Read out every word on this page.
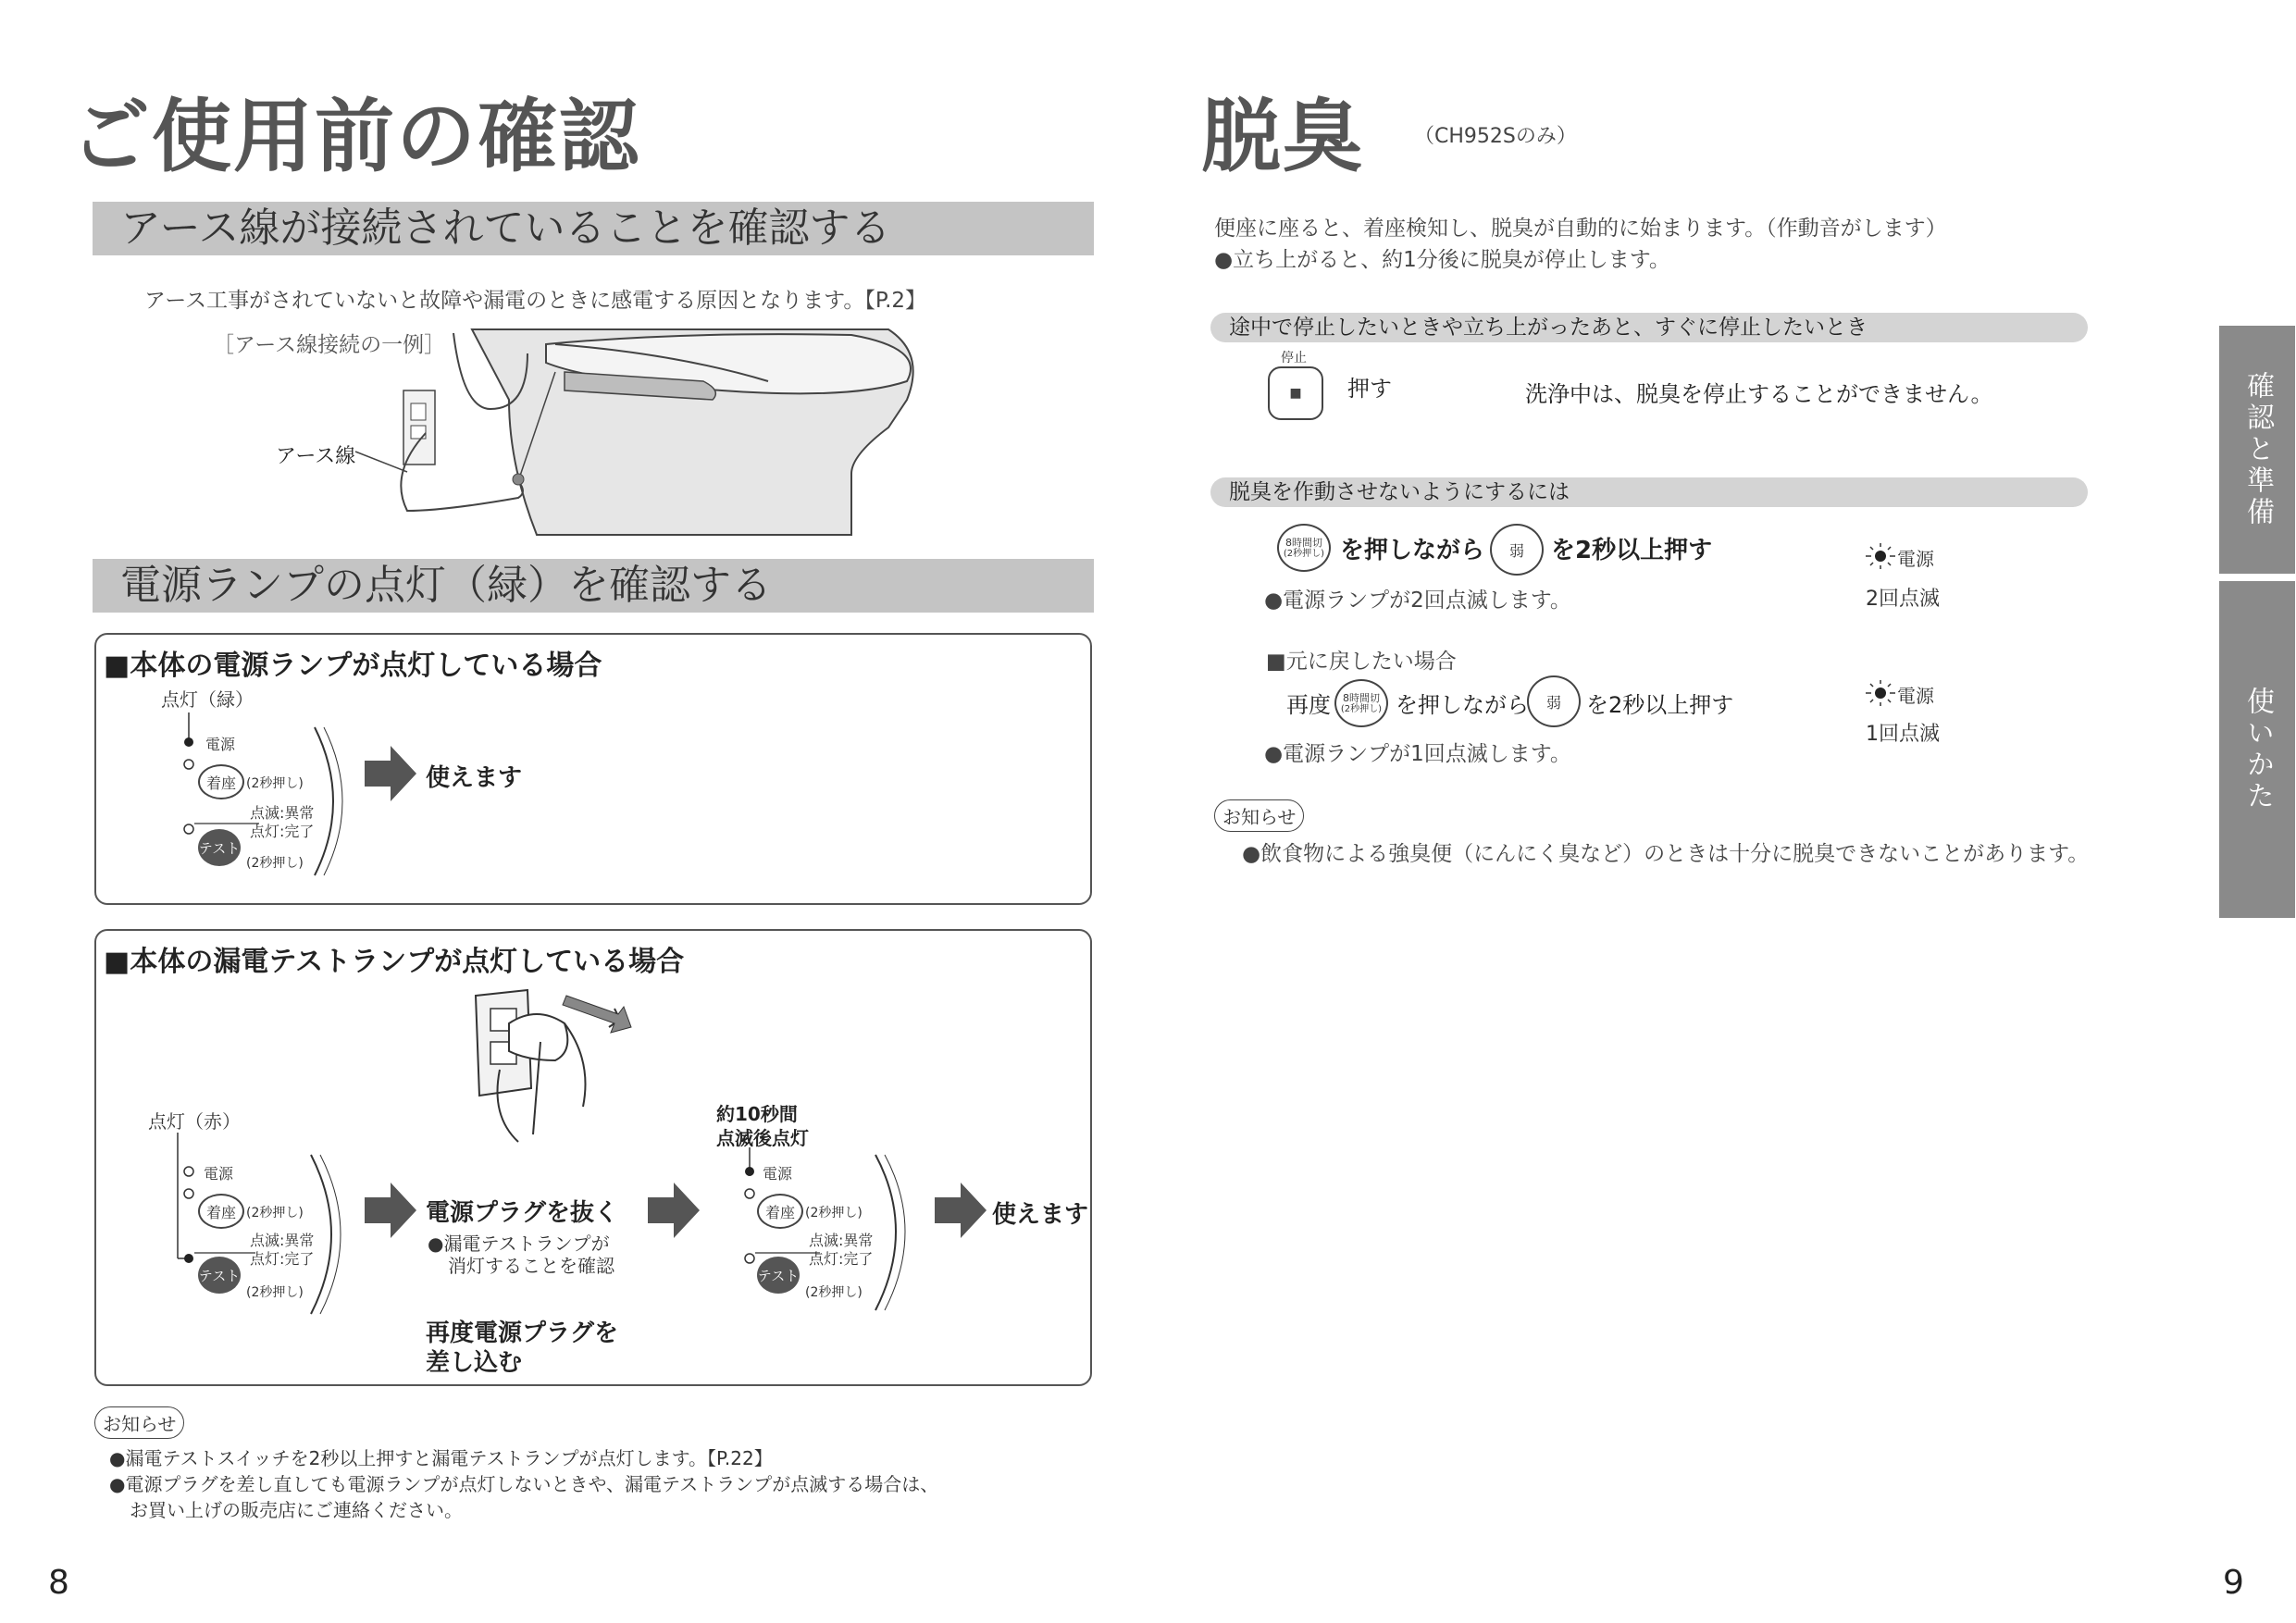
ご使用前の確認
アース線が接続されていることを確認する
アース工事がされていないと故障や漏電のときに感電する原因となります。【P.2】
［アース線接続の一例］
アース線
電源ランプの点灯（緑）を確認する
■本体の電源ランプが点灯している場合
点灯（緑）
電源
着座 (2秒押し)
点滅:異常
点灯:完了
テスト
(2秒押し)
使えます
■本体の漏電テストランプが点灯している場合
点灯（赤）
電源
着座 (2秒押し)
点滅:異常
点灯:完了
テスト
(2秒押し)
電源プラグを抜く
●漏電テストランプが
消灯することを確認
再度電源プラグを
差し込む
約10秒間
点滅後点灯
電源
着座 (2秒押し)
点滅:異常
点灯:完了
テスト
(2秒押し)
使えます
お知らせ
●漏電テストスイッチを2秒以上押すと漏電テストランプが点灯します。【P.22】
●電源プラグを差し直しても電源ランプが点灯しないときや、漏電テストランプが点滅する場合は、
お買い上げの販売店にご連絡ください。
8
脱臭 （CH952Sのみ）
便座に座ると、着座検知し、脱臭が自動的に始まります。（作動音がします）
●立ち上がると、約1分後に脱臭が停止します。
途中で停止したいときや立ち上がったあと、すぐに停止したいとき
停止
■ 押す	洗浄中は、脱臭を停止することができません。
脱臭を作動させないようにするには
8時間切
(2秒押し) を押しながら 弱 を2秒以上押す	電源
2回点滅
●電源ランプが2回点滅します。
■元に戻したい場合
再度 8時間切
(2秒押し) を押しながら 弱 を2秒以上押す	電源
1回点滅
●電源ランプが1回点滅します。
お知らせ
●飲食物による強臭便（にんにく臭など）のときは十分に脱臭できないことがあります。
9
確認と準備
使いかた
